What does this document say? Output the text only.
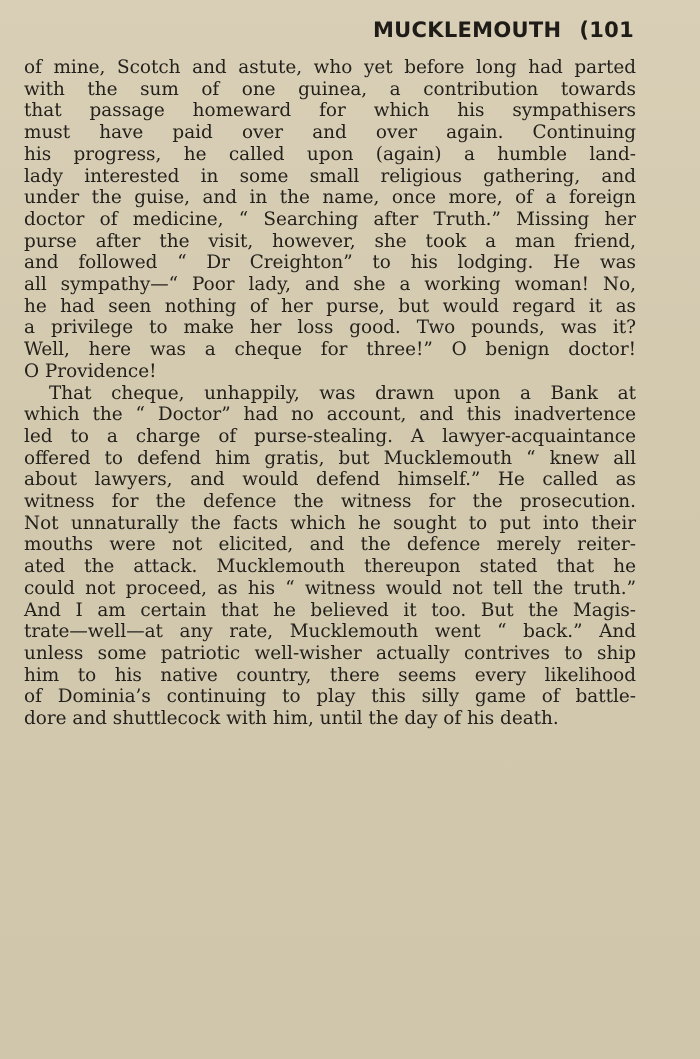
MUCKLEMOUTH (101
of mine, Scotch and astute, who yet before long had parted
with the sum of one guinea, a contribution towards
that passage homeward for which his sympathisers
must have paid over and over again. Continuing
his progress, he called upon (again) a humble land-
lady interested in some small religious gathering, and
under the guise, and in the name, once more, of a foreign
doctor of medicine, “ Searching after Truth.” Missing her
purse after the visit, however, she took a man friend,
and followed “ Dr Creighton” to his lodging. He was
all sympathy—“ Poor lady, and she a working woman! No,
he had seen nothing of her purse, but would regard it as
a privilege to make her loss good. Two pounds, was it?
Well, here was a cheque for three!” O benign doctor!
O Providence!
That cheque, unhappily, was drawn upon a Bank at
which the “ Doctor” had no account, and this inadvertence
led to a charge of purse-stealing. A lawyer-acquaintance
offered to defend him gratis, but Mucklemouth “ knew all
about lawyers, and would defend himself.” He called as
witness for the defence the witness for the prosecution.
Not unnaturally the facts which he sought to put into their
mouths were not elicited, and the defence merely reiter-
ated the attack. Mucklemouth thereupon stated that he
could not proceed, as his “ witness would not tell the truth.”
And I am certain that he believed it too. But the Magis-
trate—well—at any rate, Mucklemouth went “ back.” And
unless some patriotic well-wisher actually contrives to ship
him to his native country, there seems every likelihood
of Dominia’s continuing to play this silly game of battle-
dore and shuttlecock with him, until the day of his death.
